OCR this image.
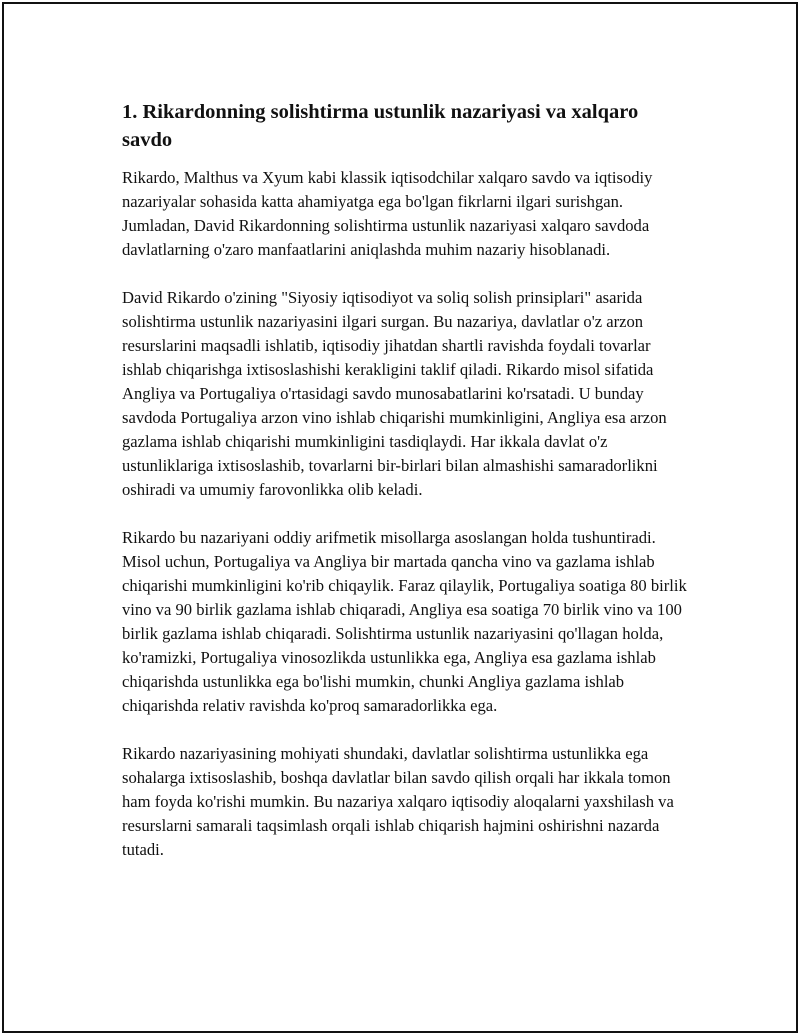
1. Rikardonning solishtirma ustunlik nazariyasi va xalqaro savdo

Rikardo, Malthus va Xyum kabi klassik iqtisodchilar xalqaro savdo va iqtisodiy nazariyalar sohasida katta ahamiyatga ega bo'lgan fikrlarni ilgari surishgan. Jumladan, David Rikardonning solishtirma ustunlik nazariyasi xalqaro savdoda davlatlarning o'zaro manfaatlarini aniqlashda muhim nazariy hisoblanadi.

David Rikardo o'zining "Siyosiy iqtisodiyot va soliq solish prinsiplari" asarida solishtirma ustunlik nazariyasini ilgari surgan. Bu nazariya, davlatlar o'z arzon resurslarini maqsadli ishlatib, iqtisodiy jihatdan shartli ravishda foydali tovarlar ishlab chiqarishga ixtisoslashishi kerakligini taklif qiladi. Rikardo misol sifatida Angliya va Portugaliya o'rtasidagi savdo munosabatlarini ko'rsatadi. U bunday savdoda Portugaliya arzon vino ishlab chiqarishi mumkinligini, Angliya esa arzon gazlama ishlab chiqarishi mumkinligini tasdiqlaydi. Har ikkala davlat o'z ustunliklariga ixtisoslashib, tovarlarni bir-birlari bilan almashishi samaradorlikni oshiradi va umumiy farovonlikka olib keladi.

Rikardo bu nazariyani oddiy arifmetik misollarga asoslangan holda tushuntiradi. Misol uchun, Portugaliya va Angliya bir martada qancha vino va gazlama ishlab chiqarishi mumkinligini ko'rib chiqaylik. Faraz qilaylik, Portugaliya soatiga 80 birlik vino va 90 birlik gazlama ishlab chiqaradi, Angliya esa soatiga 70 birlik vino va 100 birlik gazlama ishlab chiqaradi. Solishtirma ustunlik nazariyasini qo'llagan holda, ko'ramizki, Portugaliya vinosozlikda ustunlikka ega, Angliya esa gazlama ishlab chiqarishda ustunlikka ega bo'lishi mumkin, chunki Angliya gazlama ishlab chiqarishda relativ ravishda ko'proq samaradorlikka ega.

Rikardo nazariyasining mohiyati shundaki, davlatlar solishtirma ustunlikka ega sohalarga ixtisoslashib, boshqa davlatlar bilan savdo qilish orqali har ikkala tomon ham foyda ko'rishi mumkin. Bu nazariya xalqaro iqtisodiy aloqalarni yaxshilash va resurslarni samarali taqsimlash orqali ishlab chiqarish hajmini oshirishni nazarda tutadi.
